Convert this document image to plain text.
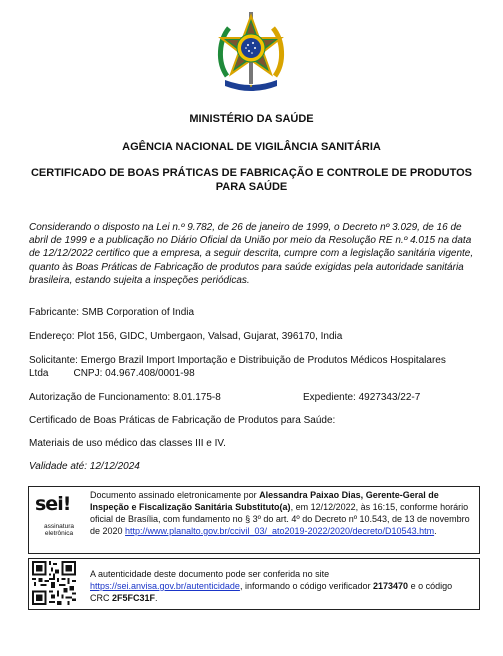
★
MINISTÉRIO DA SAÚDE
AGÊNCIA NACIONAL DE VIGILÂNCIA SANITÁRIA
CERTIFICADO DE BOAS PRÁTICAS DE FABRICAÇÃO E CONTROLE DE PRODUTOS
PARA SAÚDE
Considerando o disposto na Lei n.º 9.782, de 26 de janeiro de 1999, o Decreto nº 3.029, de 16 de abril de 1999 e a publicação no Diário Oficial da União por meio da Resolução RE n.º 4.015 na data de 12/12/2022 certifico que a empresa, a seguir descrita, cumpre com a legislação sanitária vigente, quanto às Boas Práticas de Fabricação de produtos para saúde exigidas pela autoridade sanitária brasileira, estando sujeita a inspeções periódicas.
Fabricante: SMB Corporation of India
Endereço: Plot 156, GIDC, Umbergaon, Valsad, Gujarat, 396170, India
Solicitante: Emergo Brazil Import Importação e Distribuição de Produtos Médicos Hospitalares
Ltda         CNPJ: 04.967.408/0001-98
Autorização de Funcionamento: 8.01.175-8	Expediente: 4927343/22-7
Certificado de Boas Práticas de Fabricação de Produtos para Saúde:
Materiais de uso médico das classes III e IV.
Validade até: 12/12/2024
sei!
assinatura eletrônica
Documento assinado eletronicamente por Alessandra Paixao Dias, Gerente-Geral de Inspeção e Fiscalização Sanitária Substituto(a), em 12/12/2022, às 16:15, conforme horário oficial de Brasília, com fundamento no § 3º do art. 4º do Decreto nº 10.543, de 13 de novembro de 2020 http://www.planalto.gov.br/ccivil_03/_ato2019-2022/2020/decreto/D10543.htm.
A autenticidade deste documento pode ser conferida no site https://sei.anvisa.gov.br/autenticidade, informando o código verificador 2173470 e o código CRC 2F5FC31F.
